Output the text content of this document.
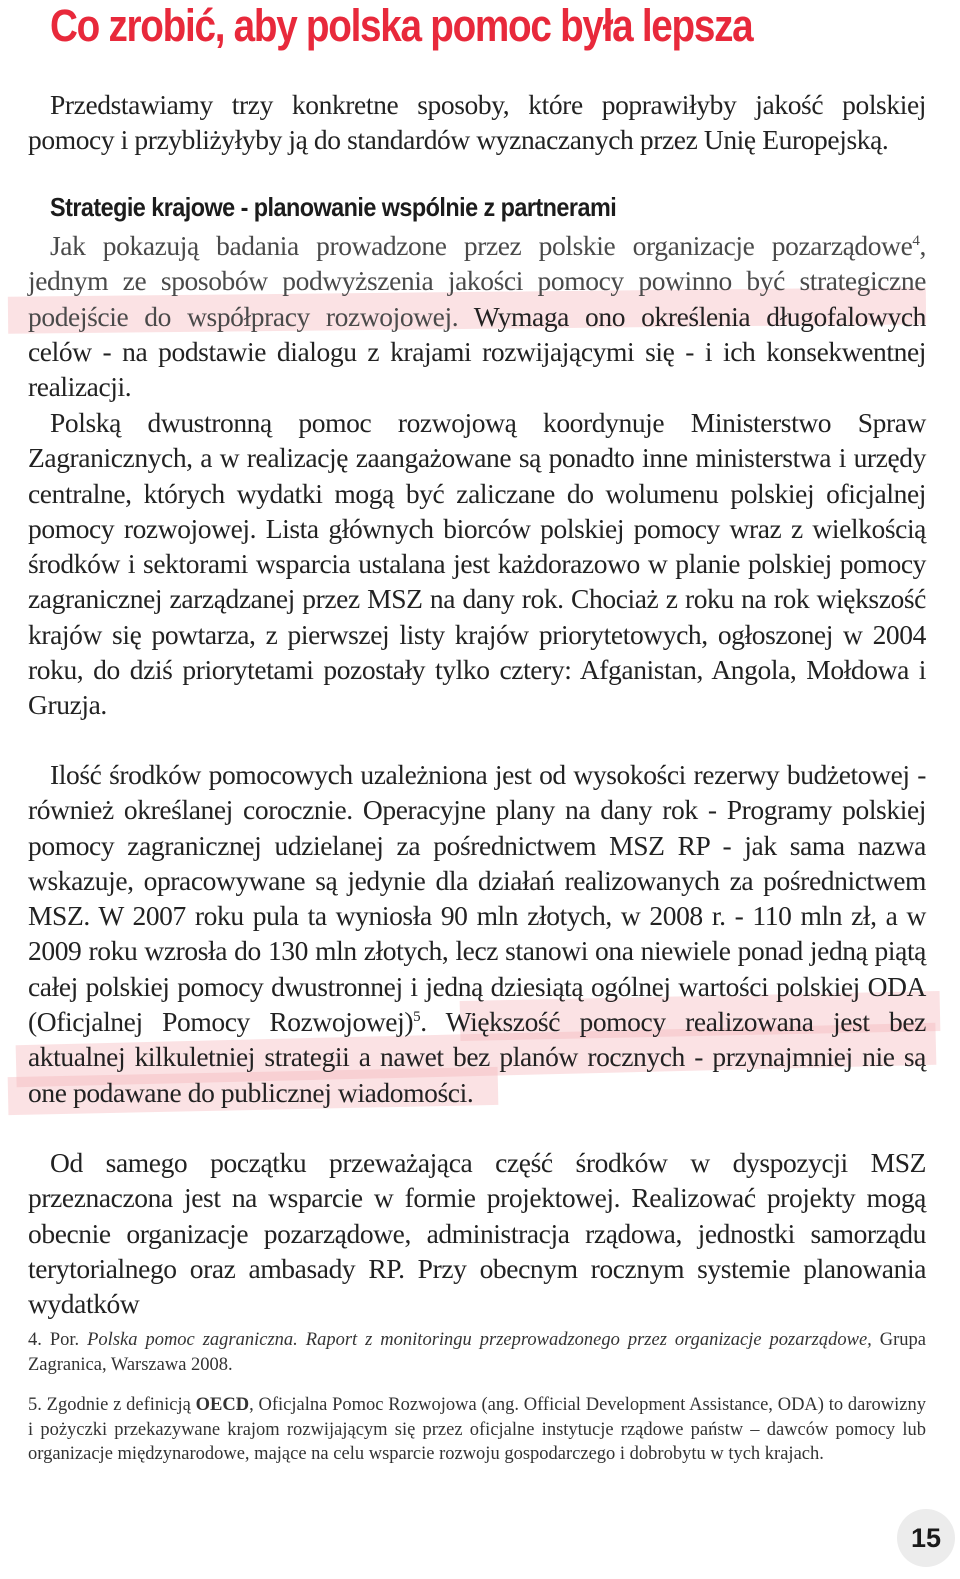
Co zrobić, aby polska pomoc była lepsza

Przedstawiamy trzy konkretne sposoby, które poprawiłyby jakość polskiej pomocy i przybliżyłyby ją do standardów wyznaczanych przez Unię Europejską.

Strategie krajowe - planowanie wspólnie z partnerami

Jak pokazują badania prowadzone przez polskie organizacje pozarządowe$^4$, jednym ze sposobów podwyższenia jakości pomocy powinno być strategiczne podejście do współpracy rozwojowej. Wymaga ono określenia długofalowych celów - na podstawie dialogu z krajami rozwijającymi się - i ich konsekwentnej realizacji.

Polską dwustronną pomoc rozwojową koordynuje Ministerstwo Spraw Zagranicznych, a w realizację zaangażowane są ponadto inne ministerstwa i urzędy centralne, których wydatki mogą być zaliczane do wolumenu polskiej oficjalnej pomocy rozwojowej. Lista głównych biorców polskiej pomocy wraz z wielkością środków i sektorami wsparcia ustalana jest każdorazowo w planie polskiej pomocy zagranicznej zarządzanej przez MSZ na dany rok. Chociaż z roku na rok większość krajów się powtarza, z pierwszej listy krajów priorytetowych, ogłoszonej w 2004 roku, do dziś priorytetami pozostały tylko cztery: Afganistan, Angola, Mołdowa i Gruzja.

Ilość środków pomocowych uzależniona jest od wysokości rezerwy budżetowej - również określanej corocznie. Operacyjne plany na dany rok - Programy polskiej pomocy zagranicznej udzielanej za pośrednictwem MSZ RP - jak sama nazwa wskazuje, opracowywane są jedynie dla działań realizowanych za pośrednictwem MSZ. W 2007 roku pula ta wyniosła 90 mln złotych, w 2008 r. - 110 mln zł, a w 2009 roku wzrosła do 130 mln złotych, lecz stanowi ona niewiele ponad jedną piątą całej polskiej pomocy dwustronnej i jedną dziesiątą ogólnej wartości polskiej ODA (Oficjalnej Pomocy Rozwojowej)$^5$. Większość pomocy realizowana jest bez aktualnej kilkuletniej strategii a nawet bez planów rocznych - przynajmniej nie są one podawane do publicznej wiadomości.

Od samego początku przeważająca część środków w dyspozycji MSZ przeznaczona jest na wsparcie w formie projektowej. Realizować projekty mogą obecnie organizacje pozarządowe, administracja rządowa, jednostki samorządu terytorialnego oraz ambasady RP. Przy obecnym rocznym systemie planowania wydatków

4. Por. Polska pomoc zagraniczna. Raport z monitoringu przeprowadzonego przez organizacje pozarządowe, Grupa Zagranica, Warszawa 2008.

5. Zgodnie z definicją OECD, Oficjalna Pomoc Rozwojowa (ang. Official Development Assistance, ODA) to darowizny i pożyczki przekazywane krajom rozwijającym się przez oficjalne instytucje rządowe państw – dawców pomocy lub organizacje międzynarodowe, mające na celu wsparcie rozwoju gospodarczego i dobrobytu w tych krajach.

15
